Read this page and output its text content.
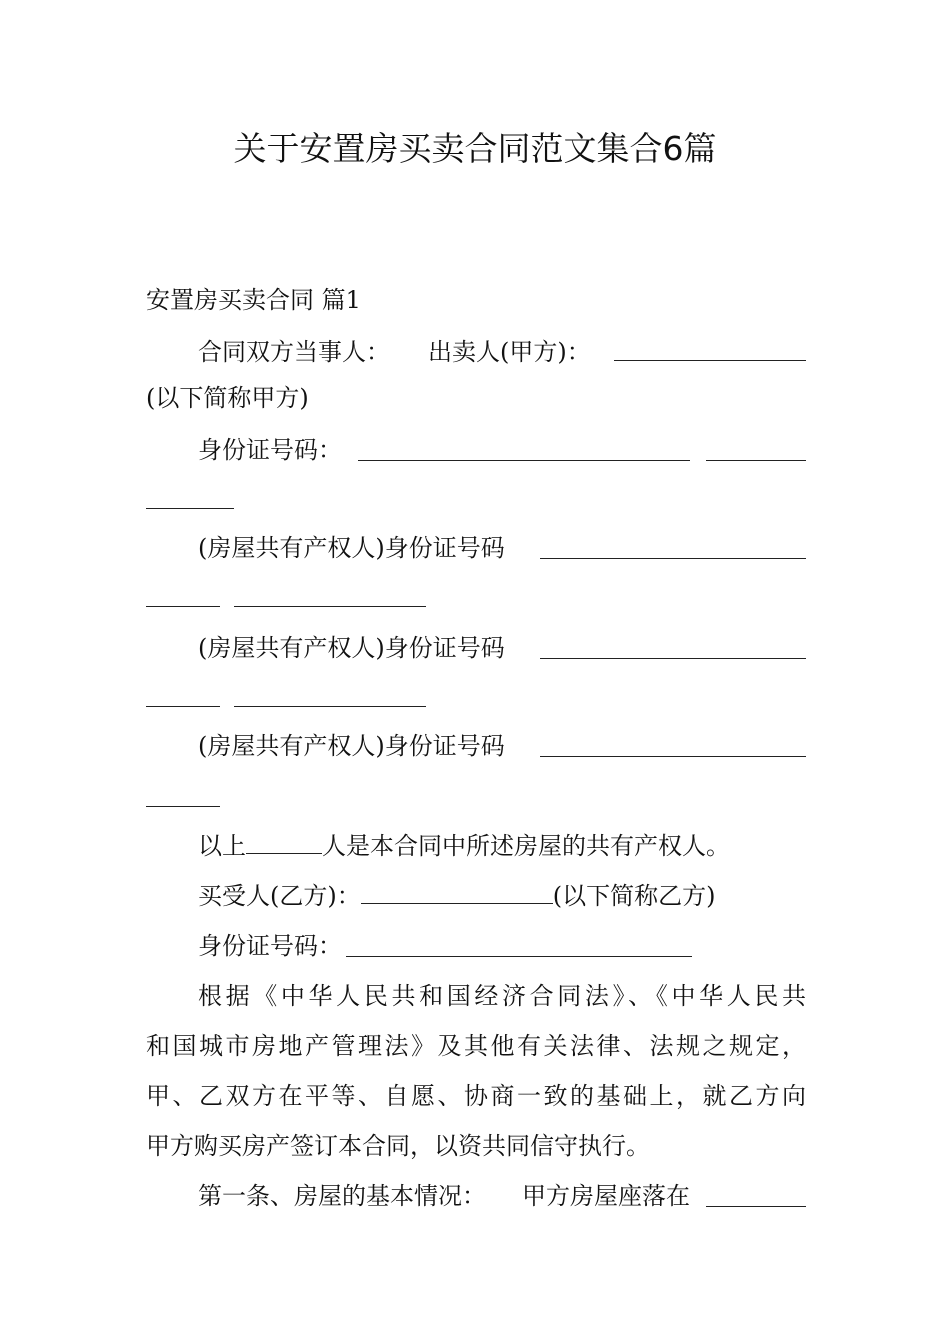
关于安置房买卖合同范文集合6篇

安置房买卖合同 篇1

合同双方当事人： 出卖人(甲方)：

(以下简称甲方)

身份证号码：

(房屋共有产权人)身份证号码

(房屋共有产权人)身份证号码

(房屋共有产权人)身份证号码

以上	人是本合同中所述房屋的共有产权人。

买受人(乙方)：	(以下简称乙方)

身份证号码：

根据《中华人民共和国经济合同法》、《中华人民共

和国城市房地产管理法》及其他有关法律、法规之规定，

甲、乙双方在平等、自愿、协商一致的基础上，就乙方向

甲方购买房产签订本合同，以资共同信守执行。

第一条、房屋的基本情况： 甲方房屋座落在
